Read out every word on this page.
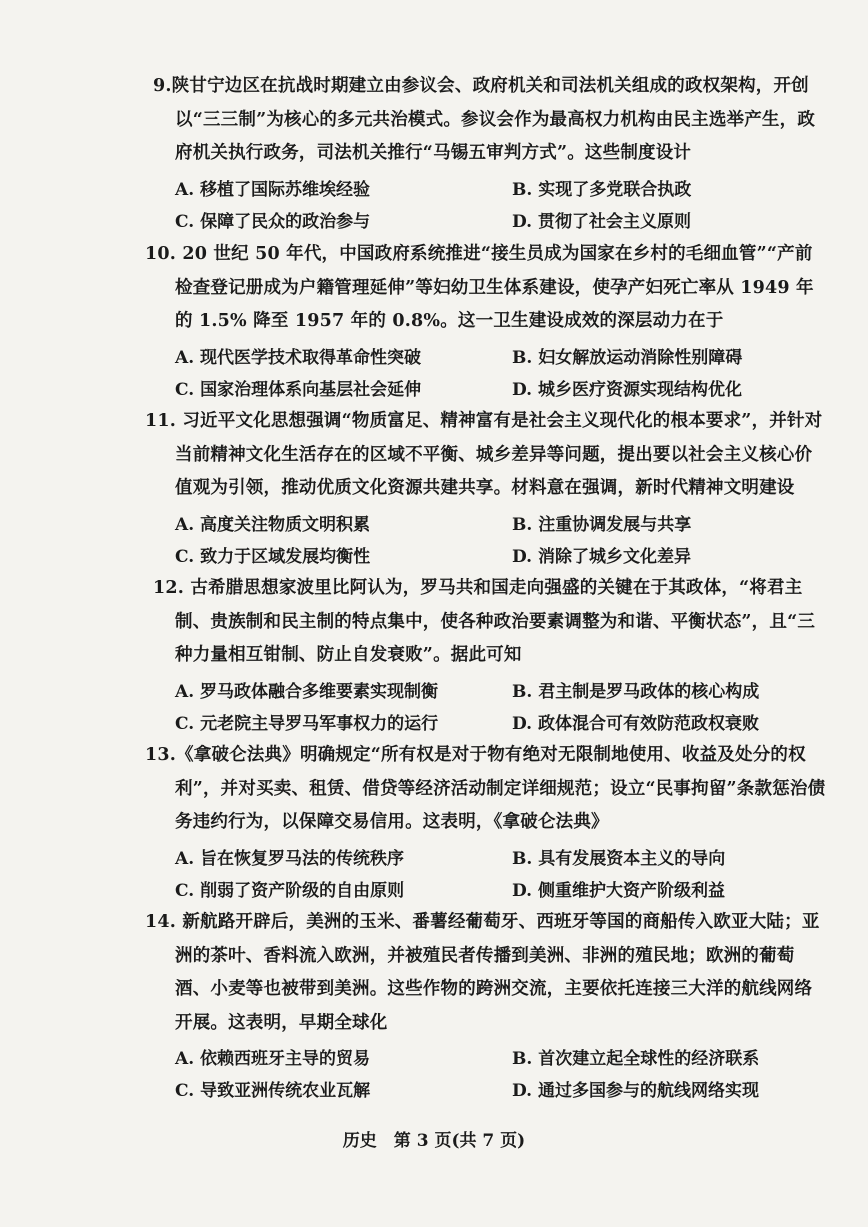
9.陕甘宁边区在抗战时期建立由参议会、政府机关和司法机关组成的政权架构，开创以“三三制”为核心的多元共治模式。参议会作为最高权力机构由民主选举产生，政府机关执行政务，司法机关推行“马锡五审判方式”。这些制度设计

A. 移植了国际苏维埃经验	B. 实现了多党联合执政
C. 保障了民众的政治参与	D. 贯彻了社会主义原则

10. 20 世纪 50 年代，中国政府系统推进“接生员成为国家在乡村的毛细血管”“产前检查登记册成为户籍管理延伸”等妇幼卫生体系建设，使孕产妇死亡率从 1949 年的 1.5% 降至 1957 年的 0.8%。这一卫生建设成效的深层动力在于

A. 现代医学技术取得革命性突破	B. 妇女解放运动消除性别障碍
C. 国家治理体系向基层社会延伸	D. 城乡医疗资源实现结构优化

11. 习近平文化思想强调“物质富足、精神富有是社会主义现代化的根本要求”，并针对当前精神文化生活存在的区域不平衡、城乡差异等问题，提出要以社会主义核心价值观为引领，推动优质文化资源共建共享。材料意在强调，新时代精神文明建设

A. 高度关注物质文明积累	B. 注重协调发展与共享
C. 致力于区域发展均衡性	D. 消除了城乡文化差异

12. 古希腊思想家波里比阿认为，罗马共和国走向强盛的关键在于其政体，“将君主制、贵族制和民主制的特点集中，使各种政治要素调整为和谐、平衡状态”，且“三种力量相互钳制、防止自发衰败”。据此可知

A. 罗马政体融合多维要素实现制衡	B. 君主制是罗马政体的核心构成
C. 元老院主导罗马军事权力的运行	D. 政体混合可有效防范政权衰败

13.《拿破仑法典》明确规定“所有权是对于物有绝对无限制地使用、收益及处分的权利”，并对买卖、租赁、借贷等经济活动制定详细规范；设立“民事拘留”条款惩治债务违约行为，以保障交易信用。这表明，《拿破仑法典》

A. 旨在恢复罗马法的传统秩序	B. 具有发展资本主义的导向
C. 削弱了资产阶级的自由原则	D. 侧重维护大资产阶级利益

14. 新航路开辟后，美洲的玉米、番薯经葡萄牙、西班牙等国的商船传入欧亚大陆；亚洲的茶叶、香料流入欧洲，并被殖民者传播到美洲、非洲的殖民地；欧洲的葡萄酒、小麦等也被带到美洲。这些作物的跨洲交流，主要依托连接三大洋的航线网络开展。这表明，早期全球化

A. 依赖西班牙主导的贸易	B. 首次建立起全球性的经济联系
C. 导致亚洲传统农业瓦解	D. 通过多国参与的航线网络实现
历史　第 3 页(共 7 页)
